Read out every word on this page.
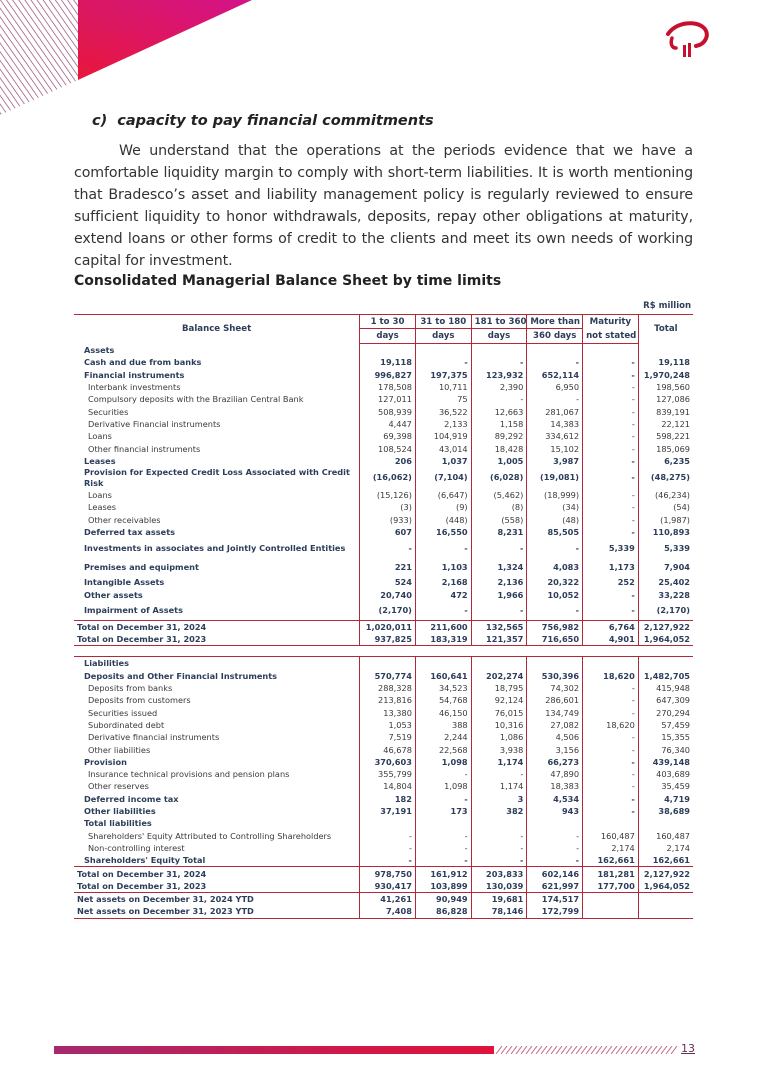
c) capacity to pay financial commitments
We understand that the operations at the periods evidence that we have a comfortable liquidity margin to comply with short-term liabilities. It is worth mentioning that Bradesco’s asset and liability management policy is regularly reviewed to ensure sufficient liquidity to honor withdrawals, deposits, repay other obligations at maturity, extend loans or other forms of credit to the clients and meet its own needs of working capital for investment.
Consolidated Managerial Balance Sheet by time limits
R$ million
Balance Sheet	1 to 30	31 to 180	181 to 360	More than	Maturity	Total
	days	days	days	360 days	not stated	
Assets						
Cash and due from banks	19,118	-	-	-	-	19,118
Financial instruments	996,827	197,375	123,932	652,114	-	1,970,248
Interbank investments	178,508	10,711	2,390	6,950	-	198,560
Compulsory deposits with the Brazilian Central Bank	127,011	75	-	-	-	127,086
Securities	508,939	36,522	12,663	281,067	-	839,191
Derivative Financial instruments	4,447	2,133	1,158	14,383	-	22,121
Loans	69,398	104,919	89,292	334,612	-	598,221
Other financial instruments	108,524	43,014	18,428	15,102	-	185,069
Leases	206	1,037	1,005	3,987	-	6,235
Provision for Expected Credit Loss Associated with Credit Risk	(16,062)	(7,104)	(6,028)	(19,081)	-	(48,275)
Loans	(15,126)	(6,647)	(5,462)	(18,999)	-	(46,234)
Leases	(3)	(9)	(8)	(34)	-	(54)
Other receivables	(933)	(448)	(558)	(48)	-	(1,987)
Deferred tax assets	607	16,550	8,231	85,505	-	110,893
Investments in associates and Jointly Controlled Entities	-	-	-	-	5,339	5,339
Premises and equipment	221	1,103	1,324	4,083	1,173	7,904
Intangible Assets	524	2,168	2,136	20,322	252	25,402
Other assets	20,740	472	1,966	10,052	-	33,228
Impairment of Assets	(2,170)	-	-	-	-	(2,170)
Total on December 31, 2024	1,020,011	211,600	132,565	756,982	6,764	2,127,922
Total on December 31, 2023	937,825	183,319	121,357	716,650	4,901	1,964,052

Liabilities						
Deposits and Other Financial Instruments	570,774	160,641	202,274	530,396	18,620	1,482,705
Deposits from banks	288,328	34,523	18,795	74,302	-	415,948
Deposits from customers	213,816	54,768	92,124	286,601	-	647,309
Securities issued	13,380	46,150	76,015	134,749	-	270,294
Subordinated debt	1,053	388	10,316	27,082	18,620	57,459
Derivative financial instruments	7,519	2,244	1,086	4,506	-	15,355
Other liabilities	46,678	22,568	3,938	3,156	-	76,340
Provision	370,603	1,098	1,174	66,273	-	439,148
Insurance technical provisions and pension plans	355,799	-	-	47,890	-	403,689
Other reserves	14,804	1,098	1,174	18,383	-	35,459
Deferred income tax	182	-	3	4,534	-	4,719
Other liabilities	37,191	173	382	943	-	38,689
Total liabilities						
Shareholders' Equity Attributed to Controlling Shareholders	-	-	-	-	160,487	160,487
Non-controlling interest	-	-	-	-	2,174	2,174
Shareholders' Equity Total	-	-	-	-	162,661	162,661
Total on December 31, 2024	978,750	161,912	203,833	602,146	181,281	2,127,922
Total on December 31, 2023	930,417	103,899	130,039	621,997	177,700	1,964,052
Net assets on December 31, 2024 YTD	41,261	90,949	19,681	174,517		
Net assets on December 31, 2023 YTD	7,408	86,828	78,146	172,799		
13
